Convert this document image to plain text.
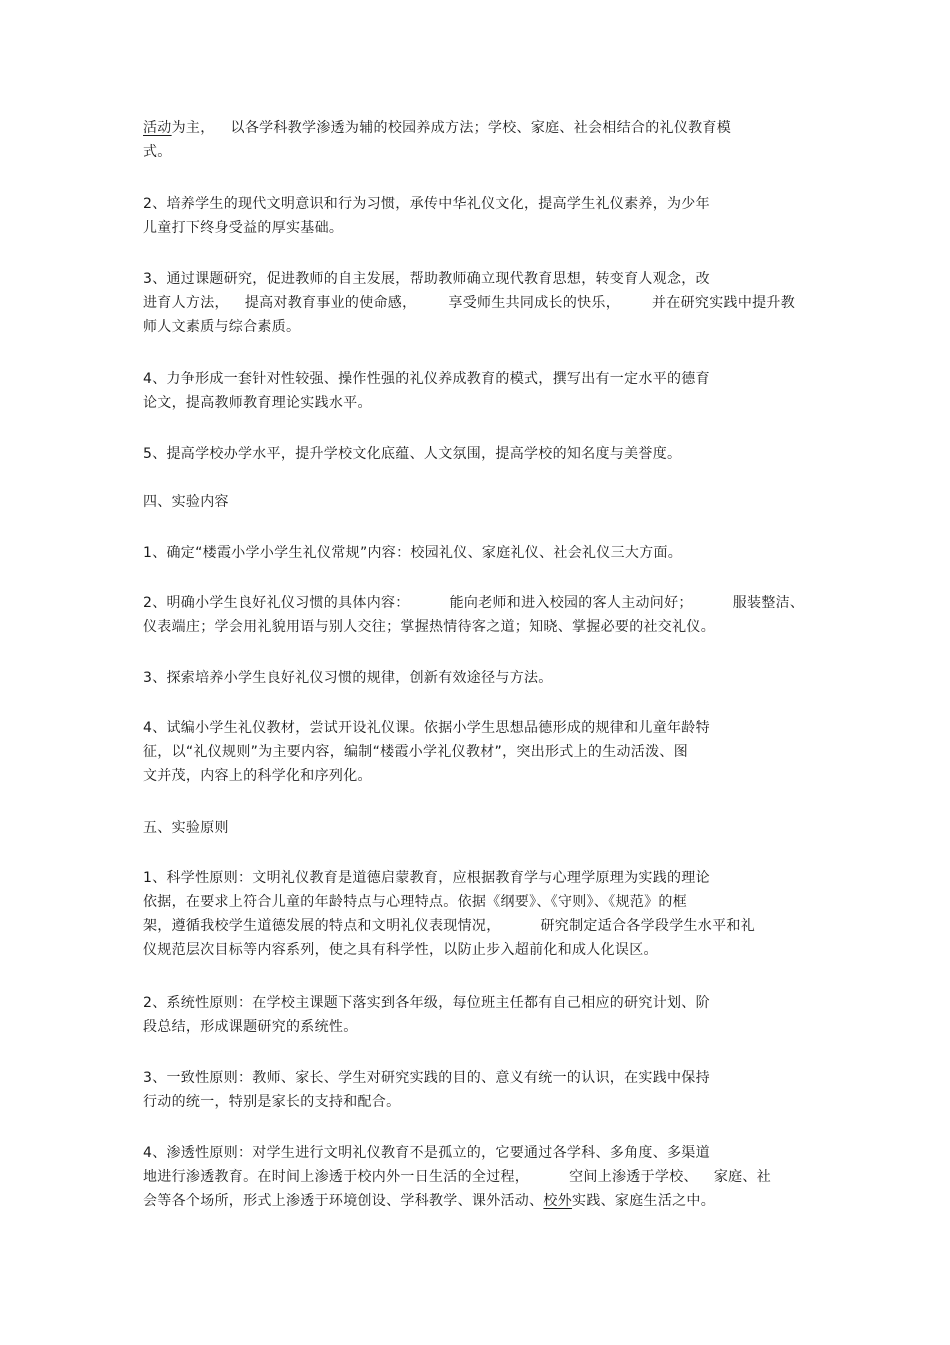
活动为主， 以各学科教学渗透为辅的校园养成方法；学校、家庭、社会相结合的礼仪教育模
式。
2、培养学生的现代文明意识和行为习惯，承传中华礼仪文化，提高学生礼仪素养，为少年
儿童打下终身受益的厚实基础。
3、通过课题研究，促进教师的自主发展，帮助教师确立现代教育思想，转变育人观念，改
进育人方法， 提高对教育事业的使命感， 享受师生共同成长的快乐， 并在研究实践中提升教
师人文素质与综合素质。
4、力争形成一套针对性较强、操作性强的礼仪养成教育的模式，撰写出有一定水平的德育
论文，提高教师教育理论实践水平。
5、提高学校办学水平，提升学校文化底蕴、人文氛围，提高学校的知名度与美誉度。
四、实验内容
1、确定“楼霞小学小学生礼仪常规”内容：校园礼仪、家庭礼仪、社会礼仪三大方面。
2、明确小学生良好礼仪习惯的具体内容：	能向老师和进入校园的客人主动问好；	服装整洁、
仪表端庄；学会用礼貌用语与别人交往；掌握热情待客之道；知晓、掌握必要的社交礼仪。
3、探索培养小学生良好礼仪习惯的规律，创新有效途径与方法。
4、试编小学生礼仪教材，尝试开设礼仪课。依据小学生思想品德形成的规律和儿童年龄特
征，以“礼仪规则”为主要内容，编制“楼霞小学礼仪教材”，突出形式上的生动活泼、图
文并茂，内容上的科学化和序列化。
五、实验原则
1、科学性原则：文明礼仪教育是道德启蒙教育，应根据教育学与心理学原理为实践的理论
依据，在要求上符合儿童的年龄特点与心理特点。依据《纲要》、《守则》、《规范》的框
架，遵循我校学生道德发展的特点和文明礼仪表现情况，	研究制定适合各学段学生水平和礼
仪规范层次目标等内容系列，使之具有科学性，以防止步入超前化和成人化误区。
2、系统性原则：在学校主课题下落实到各年级，每位班主任都有自己相应的研究计划、阶
段总结，形成课题研究的系统性。
3、一致性原则：教师、家长、学生对研究实践的目的、意义有统一的认识，在实践中保持
行动的统一，特别是家长的支持和配合。
4、渗透性原则：对学生进行文明礼仪教育不是孤立的，它要通过各学科、多角度、多渠道
地进行渗透教育。在时间上渗透于校内外一日生活的全过程，	空间上渗透于学校、 家庭、社
会等各个场所，形式上渗透于环境创设、学科教学、课外活动、校外实践、家庭生活之中。
